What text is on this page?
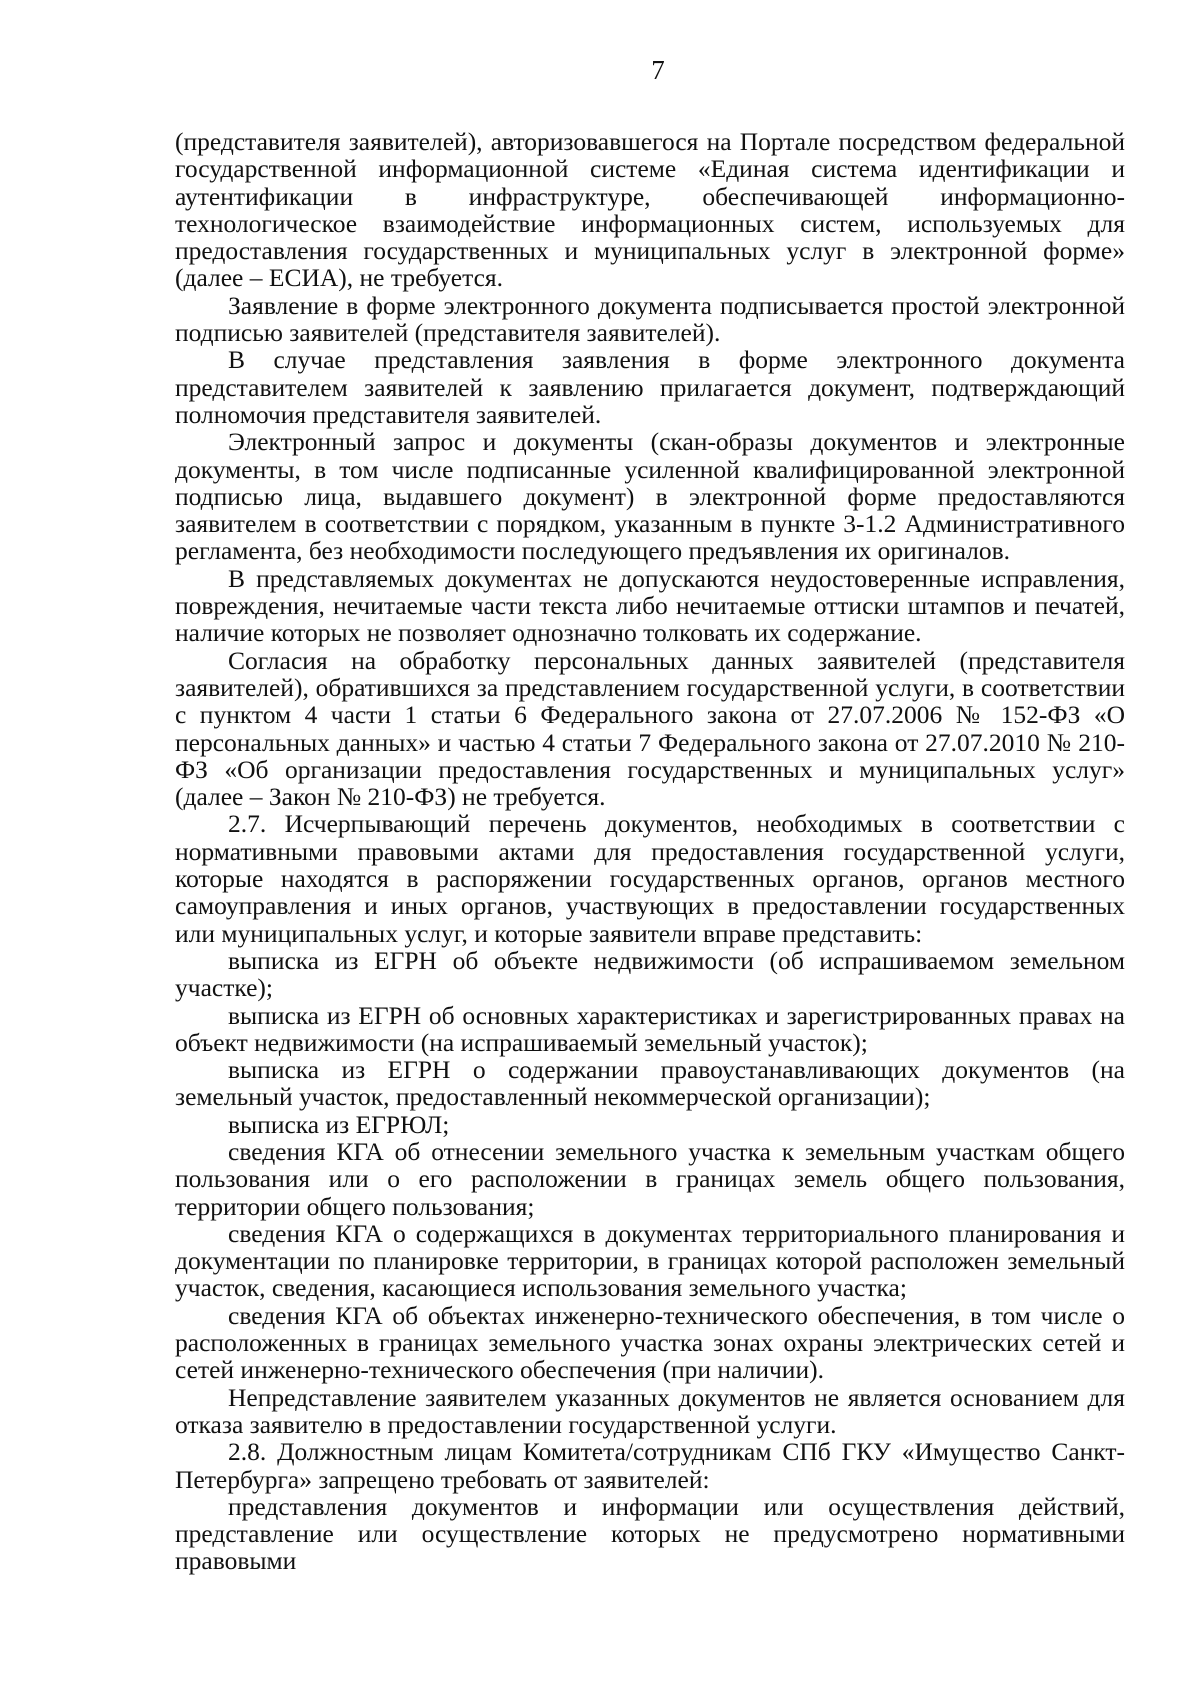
7

(представителя заявителей), авторизовавшегося на Портале посредством федеральной государственной информационной системе «Единая система идентификации и аутентификации в инфраструктуре, обеспечивающей информационно-технологическое взаимодействие информационных систем, используемых для предоставления государственных и муниципальных услуг в электронной форме» (далее – ЕСИА), не требуется.

Заявление в форме электронного документа подписывается простой электронной подписью заявителей (представителя заявителей).

В случае представления заявления в форме электронного документа представителем заявителей к заявлению прилагается документ, подтверждающий полномочия представителя заявителей.

Электронный запрос и документы (скан-образы документов и электронные документы, в том числе подписанные усиленной квалифицированной электронной подписью лица, выдавшего документ) в электронной форме предоставляются заявителем в соответствии с порядком, указанным в пункте 3-1.2 Административного регламента, без необходимости последующего предъявления их оригиналов.

В представляемых документах не допускаются неудостоверенные исправления, повреждения, нечитаемые части текста либо нечитаемые оттиски штампов и печатей, наличие которых не позволяет однозначно толковать их содержание.

Согласия на обработку персональных данных заявителей (представителя заявителей), обратившихся за представлением государственной услуги, в соответствии с пунктом 4 части 1 статьи 6 Федерального закона от 27.07.2006 № 152-ФЗ «О персональных данных» и частью 4 статьи 7 Федерального закона от 27.07.2010 № 210-ФЗ «Об организации предоставления государственных и муниципальных услуг» (далее – Закон № 210-ФЗ) не требуется.

2.7. Исчерпывающий перечень документов, необходимых в соответствии с нормативными правовыми актами для предоставления государственной услуги, которые находятся в распоряжении государственных органов, органов местного самоуправления и иных органов, участвующих в предоставлении государственных или муниципальных услуг, и которые заявители вправе представить:

выписка из ЕГРН об объекте недвижимости (об испрашиваемом земельном участке);

выписка из ЕГРН об основных характеристиках и зарегистрированных правах на объект недвижимости (на испрашиваемый земельный участок);

выписка из ЕГРН о содержании правоустанавливающих документов (на земельный участок, предоставленный некоммерческой организации);

выписка из ЕГРЮЛ;

сведения КГА об отнесении земельного участка к земельным участкам общего пользования или о его расположении в границах земель общего пользования, территории общего пользования;

сведения КГА о содержащихся в документах территориального планирования и документации по планировке территории, в границах которой расположен земельный участок, сведения, касающиеся использования земельного участка;

сведения КГА об объектах инженерно-технического обеспечения, в том числе о расположенных в границах земельного участка зонах охраны электрических сетей и сетей инженерно-технического обеспечения (при наличии).

Непредставление заявителем указанных документов не является основанием для отказа заявителю в предоставлении государственной услуги.

2.8. Должностным лицам Комитета/сотрудникам СПб ГКУ «Имущество Санкт-Петербурга» запрещено требовать от заявителей:

представления документов и информации или осуществления действий, представление или осуществление которых не предусмотрено нормативными правовыми
